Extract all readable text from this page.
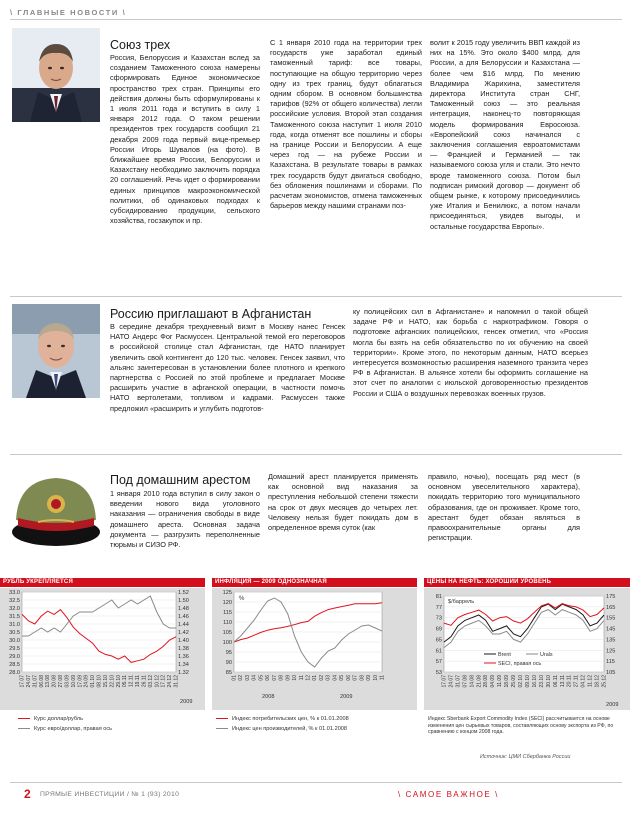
\ ГЛАВНЫЕ НОВОСТИ \
Союз трех
Россия, Белоруссия и Казахстан вслед за созданием Таможенного союза намерены сформировать Единое экономическое пространство трех стран. Принципы его действия должны быть сформулированы к 1 июля 2011 года и вступить в силу 1 января 2012 года. О таком решении президентов трех государств сообщил 21 декабря 2009 года первый вице-премьер России Игорь Шувалов (на фото). В ближайшее время России, Белоруссии и Казахстану необходимо заключить порядка 20 соглашений. Речь идет о формировании единых принципов макроэкономической политики, об одинаковых подходах к субсидированию продукции, сельского хозяйства, госзакупок и пр.
С 1 января 2010 года на территории трех государств уже заработал единый таможенный тариф: все товары, поступающие на общую территорию через одну из трех границ, будут облагаться одним сбором. В основном большинства тарифов (92% от общего количества) легли российские условия. Второй этап создания Таможенного союза наступит 1 июля 2010 года, когда отменят все пошлины и сборы на границе России и Белоруссии. А еще через год — на рубеже России и Казахстана. В результате товары в рамках трех государств будут двигаться свободно, без обложения пошлинами и сборами. По расчетам экономистов, отмена таможенных барьеров между нашими странами поз-
волит к 2015 году увеличить ВВП каждой из них на 15%. Это около $400 млрд. для России, а для Белоруссии и Казахстана — более чем $16 млрд. По мнению Владимира Жарихина, заместителя директора Института стран СНГ, Таможенный союз — это реальная интеграция, наконец-то повторяющая модель формирования Евросоюза. «Европейский союз начинался с заключения соглашения евроатомистами — Францией и Германией — так называемого союза угля и стали. Это нечто вроде таможенного союза. Потом был подписан римский договор — документ об общем рынке, к которому присоединились уже Италия и Бенилюкс, а потом начали присоединяться, увидев выгоды, и остальные государства Европы».
Россию приглашают в Афганистан
В середине декабря трехдневный визит в Москву нанес Генсек НАТО Андерс Фог Расмуссен. Центральной темой его переговоров в российской столице стал Афганистан, где НАТО планирует увеличить свой контингент до 120 тыс. человек. Генсек заявил, что альянс заинтересован в установлении более плотного и крепкого партнерства с Россией по этой проблеме и предлагает Москве расширить участие в афганской операции, в частности помочь НАТО вертолетами, топливом и кадрами. Расмуссен также предложил «расширить и углубить подготов-
ку полицейских сил в Афганистане» и напомнил о такой общей задаче РФ и НАТО, как борьба с наркотрафиком. Говоря о подготовке афганских полицейских, генсек отметил, что «Россия могла бы взять на себя обязательство по их обучению на своей территории». Кроме этого, по некоторым данным, НАТО всерьез интересуется возможностью расширения наземного транзита через РФ в Афганистан. В альянсе хотели бы оформить соглашение на этот счет по аналогии с июльской договоренностью президентов России и США о воздушных перевозках военных грузов.
Под домашним арестом
1 января 2010 года вступил в силу закон о введении нового вида уголовного наказания — ограничения свободы в виде домашнего ареста. Основная задача документа — разгрузить переполненные тюрьмы и СИЗО РФ.
Домашний арест планируется применять как основной вид наказания за преступления небольшой степени тяжести на срок от двух месяцев до четырех лет. Человеку нельзя будет покидать дом в определенное время суток (как
правило, ночью), посещать ряд мест (в основном увеселительного характера), покидать территорию того муниципального образования, где он проживает. Кроме того, арестант будет обязан являться в правоохранительные органы для регистрации.
РУБЛЬ УКРЕПЛЯЕТСЯ	ИНФЛЯЦИЯ — 2009 ОДНОЗНАЧНАЯ	ЦЕНЫ НА НЕФТЬ: ХОРОШИЙ УРОВЕНЬ
33.0
32.5
32.0
31.5
31.0
30.5
30.0
29.5
29.0
28.5
28.0
1.52
1.50
1.48
1.46
1.44
1.42
1.40
1.38
1.36
1.34
1.32
17.07 24.07 31.07 06.08 13.08 20.08 27.08 03.09 10.09 17.09 24.09 01.10 08.10 15.10 22.10 29.10 05.11 12.11 19.11 26.11 03.12 10.12 17.12 24.12 31.12
2009
125
120
115
110
105
100
95
90
85
01 02 03 04 05 06 07 08 09 10 11 12 01 02 03 04 05 06 07 08 09 10 11
%
2008	2009
81
77
73
69
65
61
57
53
175
165
155
145
135
125
115
105
17.07 24.07 31.07 07.08 14.08 21.08 28.08 04.09 11.09 18.09 25.09 02.10 09.10 16.10 23.10 30.10 06.11 13.11 20.11 27.11 04.12 11.12 18.12 25.12
$/баррель
2009
Brent	Urals
SECI, правая ось
Курс доллар/рубль
Курс евро/доллар, правая ось
Индекс потребительских цен, % к 01.01.2008
Индекс цен производителей, % к 01.01.2008
Индекс Sberbank Export Commodity Index (SECI) рассчитывается на основе изменения цен сырьевых товаров, составляющих основу экспорта из РФ, по сравнению с концом 2008 года.
Источник: ЦМИ Сбербанка России
2 ПРЯМЫЕ ИНВЕСТИЦИИ / № 1 (93) 2010	\ САМОЕ ВАЖНОЕ \
